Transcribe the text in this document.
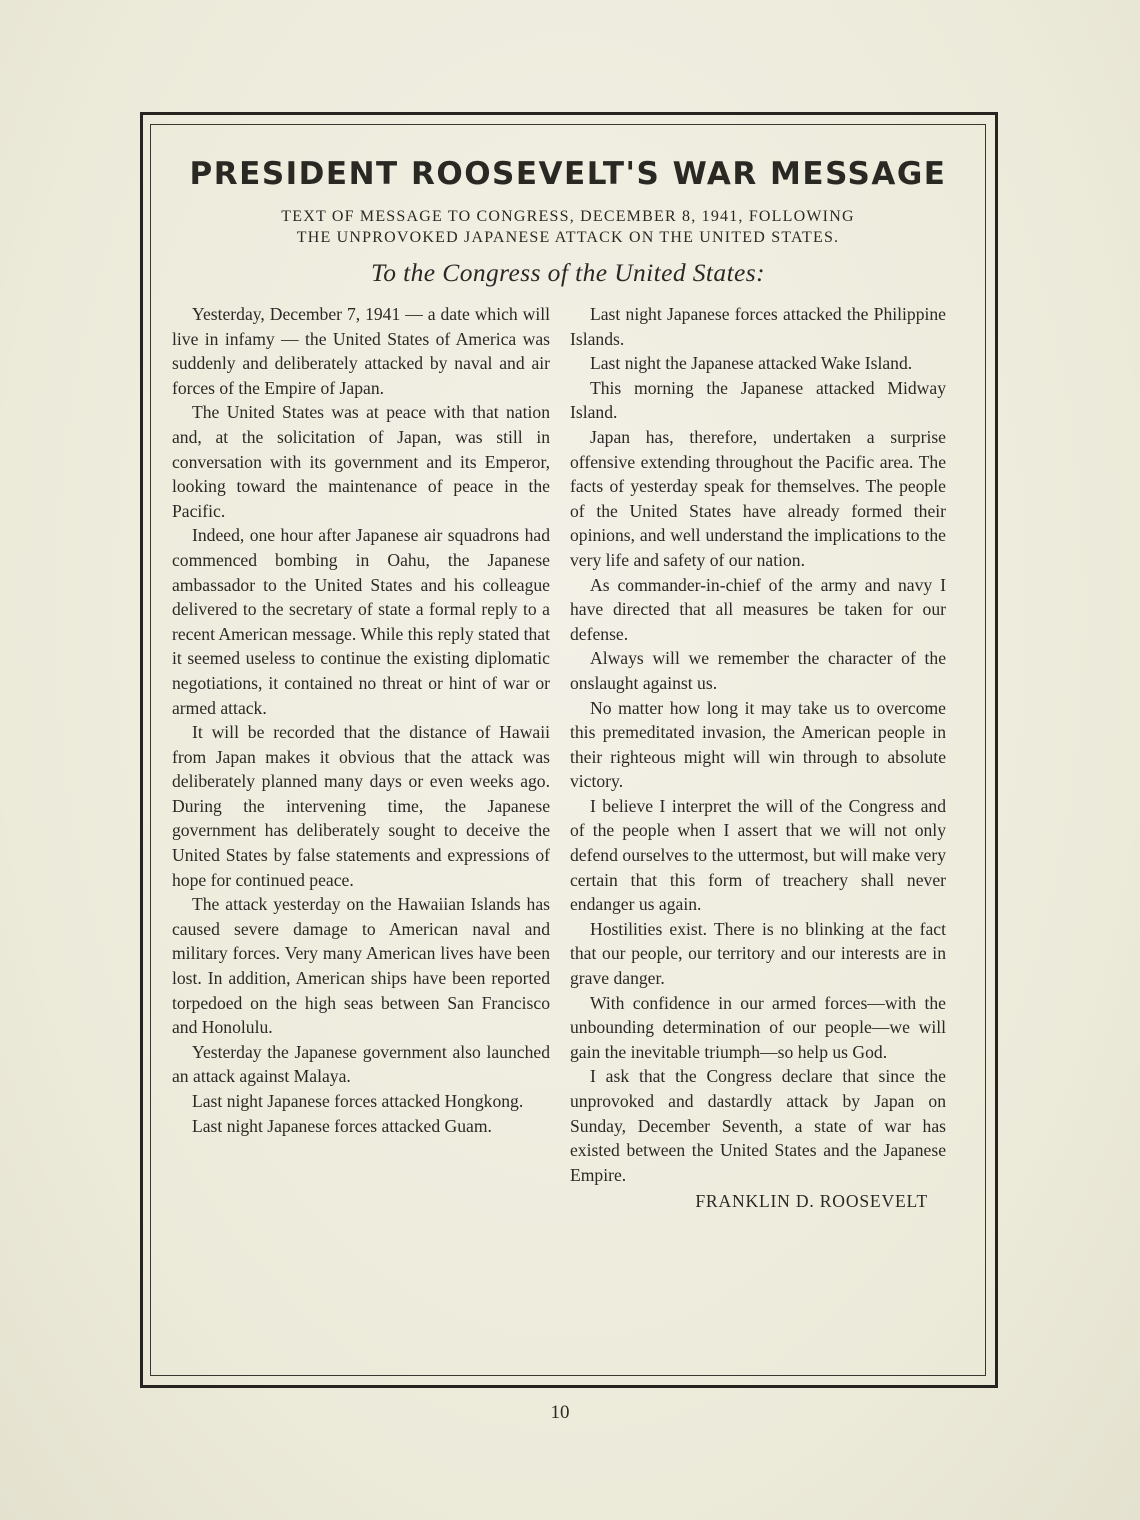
PRESIDENT ROOSEVELT'S WAR MESSAGE
TEXT OF MESSAGE TO CONGRESS, DECEMBER 8, 1941, FOLLOWING
THE UNPROVOKED JAPANESE ATTACK ON THE UNITED STATES.

To the Congress of the United States:

Yesterday, December 7, 1941 — a date which will live in infamy — the United States of America was suddenly and deliberately attacked by naval and air forces of the Empire of Japan.

The United States was at peace with that nation and, at the solicitation of Japan, was still in conversation with its government and its Emperor, looking toward the maintenance of peace in the Pacific.

Indeed, one hour after Japanese air squadrons had commenced bombing in Oahu, the Japanese ambassador to the United States and his colleague delivered to the secretary of state a formal reply to a recent American message. While this reply stated that it seemed useless to continue the existing diplomatic negotiations, it contained no threat or hint of war or armed attack.

It will be recorded that the distance of Hawaii from Japan makes it obvious that the attack was deliberately planned many days or even weeks ago. During the intervening time, the Japanese government has deliberately sought to deceive the United States by false statements and expressions of hope for continued peace.

The attack yesterday on the Hawaiian Islands has caused severe damage to American naval and military forces. Very many American lives have been lost. In addition, American ships have been reported torpedoed on the high seas between San Francisco and Honolulu.

Yesterday the Japanese government also launched an attack against Malaya.

Last night Japanese forces attacked Hongkong.

Last night Japanese forces attacked Guam.

Last night Japanese forces attacked the Philippine Islands.

Last night the Japanese attacked Wake Island.

This morning the Japanese attacked Midway Island.

Japan has, therefore, undertaken a surprise offensive extending throughout the Pacific area. The facts of yesterday speak for themselves. The people of the United States have already formed their opinions, and well understand the implications to the very life and safety of our nation.

As commander-in-chief of the army and navy I have directed that all measures be taken for our defense.

Always will we remember the character of the onslaught against us.

No matter how long it may take us to overcome this premeditated invasion, the American people in their righteous might will win through to absolute victory.

I believe I interpret the will of the Congress and of the people when I assert that we will not only defend ourselves to the uttermost, but will make very certain that this form of treachery shall never endanger us again.

Hostilities exist. There is no blinking at the fact that our people, our territory and our interests are in grave danger.

With confidence in our armed forces—with the unbounding determination of our people—we will gain the inevitable triumph—so help us God.

I ask that the Congress declare that since the unprovoked and dastardly attack by Japan on Sunday, December Seventh, a state of war has existed between the United States and the Japanese Empire.

FRANKLIN D. ROOSEVELT
10
